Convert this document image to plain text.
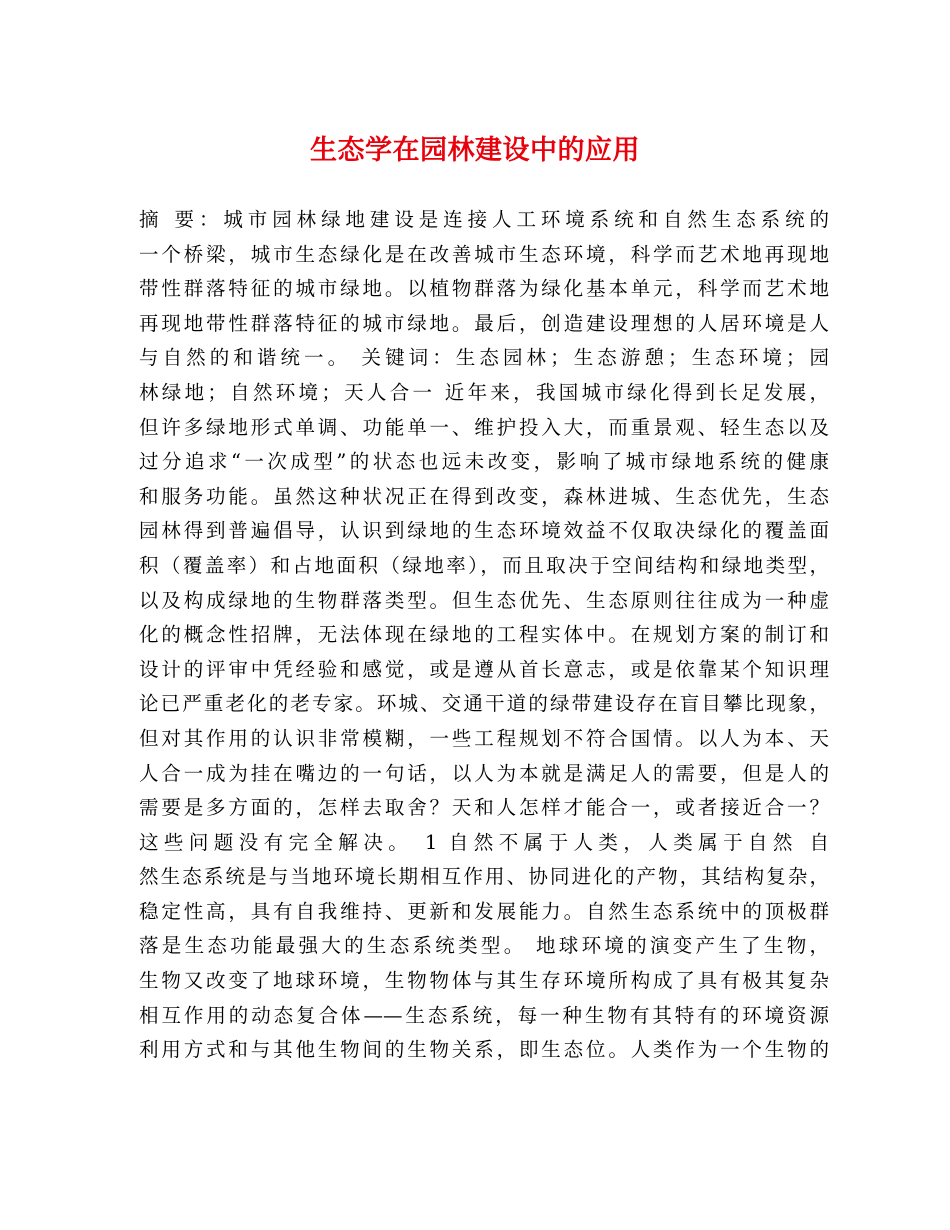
生态学在园林建设中的应用
摘 要：城市园林绿地建设是连接人工环境系统和自然生态系统的
一个桥梁，城市生态绿化是在改善城市生态环境，科学而艺术地再现地
带性群落特征的城市绿地。以植物群落为绿化基本单元，科学而艺术地
再现地带性群落特征的城市绿地。最后，创造建设理想的人居环境是人
与自然的和谐统一。 关键词：生态园林；生态游憩；生态环境；园
林绿地；自然环境；天人合一 近年来，我国城市绿化得到长足发展，
但许多绿地形式单调、功能单一、维护投入大，而重景观、轻生态以及
过分追求“一次成型”的状态也远未改变，影响了城市绿地系统的健康
和服务功能。虽然这种状况正在得到改变，森林进城、生态优先，生态
园林得到普遍倡导，认识到绿地的生态环境效益不仅取决绿化的覆盖面
积（覆盖率）和占地面积（绿地率），而且取决于空间结构和绿地类型，
以及构成绿地的生物群落类型。但生态优先、生态原则往往成为一种虚
化的概念性招牌，无法体现在绿地的工程实体中。在规划方案的制订和
设计的评审中凭经验和感觉，或是遵从首长意志，或是依靠某个知识理
论已严重老化的老专家。环城、交通干道的绿带建设存在盲目攀比现象，
但对其作用的认识非常模糊，一些工程规划不符合国情。以人为本、天
人合一成为挂在嘴边的一句话，以人为本就是满足人的需要，但是人的
需要是多方面的，怎样去取舍？天和人怎样才能合一，或者接近合一？
这些问题没有完全解决。 1 自然不属于人类，人类属于自然 自
然生态系统是与当地环境长期相互作用、协同进化的产物，其结构复杂，
稳定性高，具有自我维持、更新和发展能力。自然生态系统中的顶极群
落是生态功能最强大的生态系统类型。 地球环境的演变产生了生物，
生物又改变了地球环境，生物物体与其生存环境所构成了具有极其复杂
相互作用的动态复合体——生态系统，每一种生物有其特有的环境资源
利用方式和与其他生物间的生物关系，即生态位。人类作为一个生物的
